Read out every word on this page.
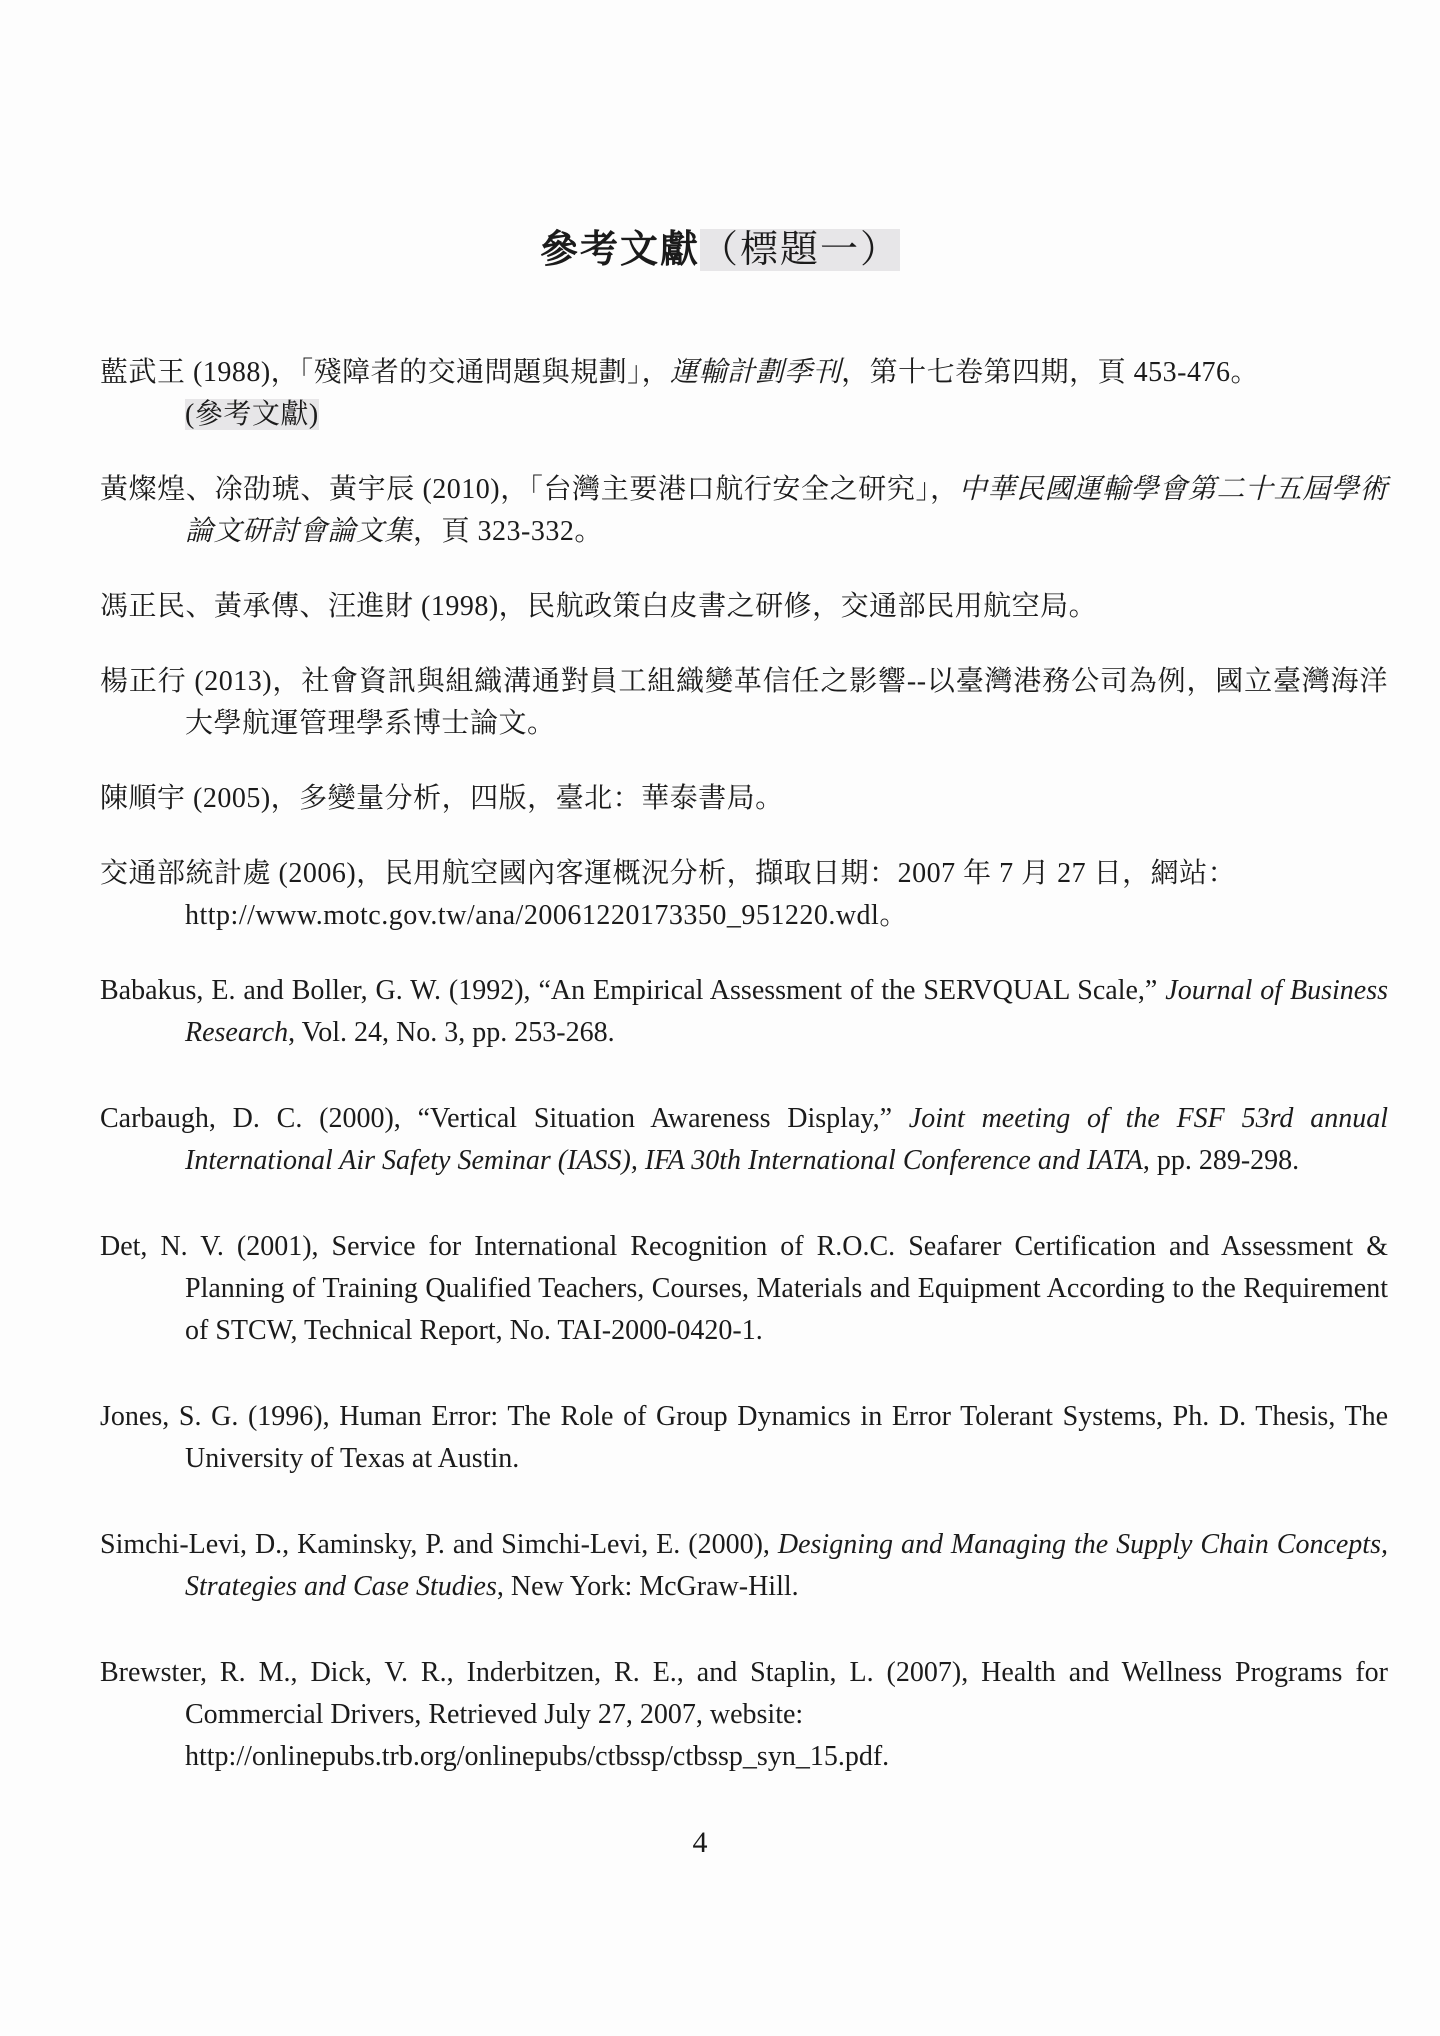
參考文獻（標題一）

藍武王 (1988)，「殘障者的交通問題與規劃」，運輸計劃季刊，第十七卷第四期，頁 453-476。
(參考文獻)

黃燦煌、凃劭琥、黃宇辰 (2010)，「台灣主要港口航行安全之研究」，中華民國運輸學會第二十五屆學術論文研討會論文集，頁 323-332。

馮正民、黃承傳、汪進財 (1998)，民航政策白皮書之研修，交通部民用航空局。

楊正行 (2013)，社會資訊與組織溝通對員工組織變革信任之影響--以臺灣港務公司為例，國立臺灣海洋大學航運管理學系博士論文。

陳順宇 (2005)，多變量分析，四版，臺北：華泰書局。

交通部統計處 (2006)，民用航空國內客運概況分析，擷取日期：2007 年 7 月 27 日，網站：
http://www.motc.gov.tw/ana/20061220173350_951220.wdl。

Babakus, E. and Boller, G. W. (1992), “An Empirical Assessment of the SERVQUAL Scale,” Journal of Business Research, Vol. 24, No. 3, pp. 253-268.

Carbaugh, D. C. (2000), “Vertical Situation Awareness Display,” Joint meeting of the FSF 53rd annual International Air Safety Seminar (IASS), IFA 30th International Conference and IATA, pp. 289-298.

Det, N. V. (2001), Service for International Recognition of R.O.C. Seafarer Certification and Assessment & Planning of Training Qualified Teachers, Courses, Materials and Equipment According to the Requirement of STCW, Technical Report, No. TAI-2000-0420-1.

Jones, S. G. (1996), Human Error: The Role of Group Dynamics in Error Tolerant Systems, Ph. D. Thesis, The University of Texas at Austin.

Simchi-Levi, D., Kaminsky, P. and Simchi-Levi, E. (2000), Designing and Managing the Supply Chain Concepts, Strategies and Case Studies, New York: McGraw-Hill.

Brewster, R. M., Dick, V. R., Inderbitzen, R. E., and Staplin, L. (2007), Health and Wellness Programs for Commercial Drivers, Retrieved July 27, 2007, website:
http://onlinepubs.trb.org/onlinepubs/ctbssp/ctbssp_syn_15.pdf.

4
